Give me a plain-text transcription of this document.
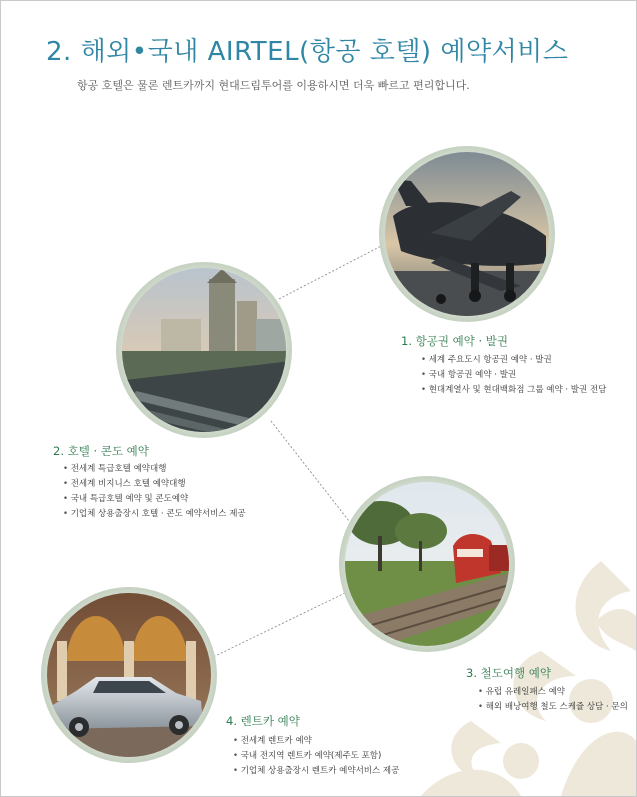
2. 해외•국내 AIRTEL(항공 호텔) 예약서비스
항공 호텔은 물론 렌트카까지 현대드림투어를 이용하시면 더욱 빠르고 편리합니다.
1. 항공권 예약 · 발권
• 세계 주요도시 항공권 예약 · 발권
• 국내 항공권 예약 · 발권
• 현대계열사 및 현대백화점 그룹 예약 · 발권 전담
2. 호텔 · 콘도 예약
• 전세계 특급호텔 예약대행
• 전세계 비지니스 호텔 예약대행
• 국내 특급호텔 예약 및 콘도예약
• 기업체 상용출장시 호텔 · 콘도 예약서비스 제공
3. 철도여행 예약
• 유럽 유레일패스 예약
• 해외 배낭여행 철도 스케쥴 상담 · 문의
4. 렌트카 예약
• 전세계 렌트카 예약
• 국내 전지역 렌트카 예약(제주도 포함)
• 기업체 상용출장시 렌트카 예약서비스 제공
